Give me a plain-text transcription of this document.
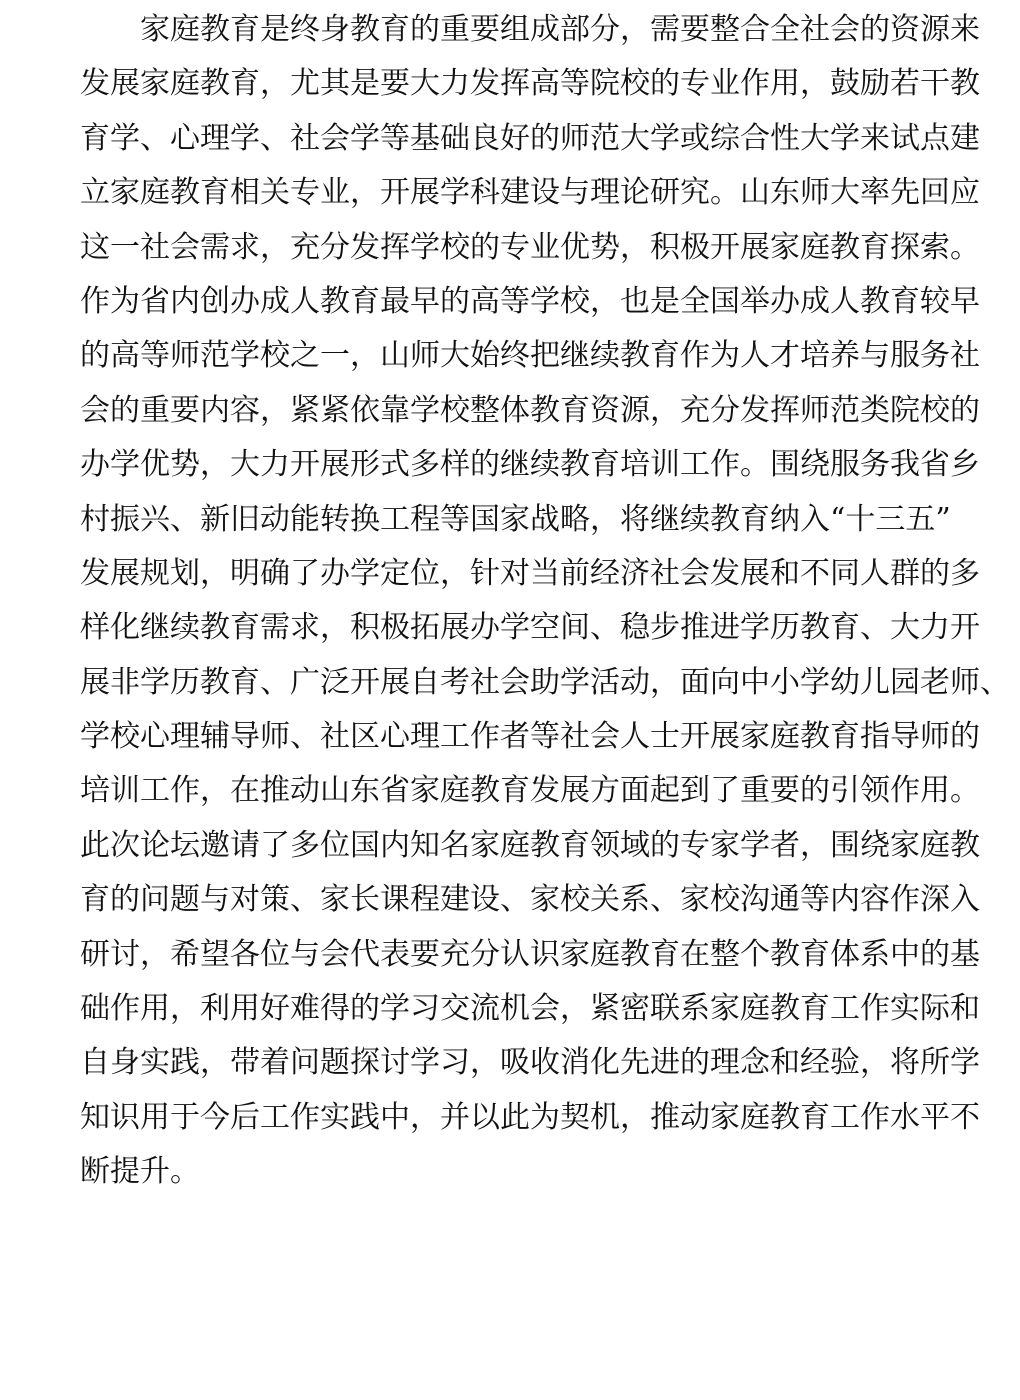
家庭教育是终身教育的重要组成部分，需要整合全社会的资源来
发展家庭教育，尤其是要大力发挥高等院校的专业作用，鼓励若干教
育学、心理学、社会学等基础良好的师范大学或综合性大学来试点建
立家庭教育相关专业，开展学科建设与理论研究。山东师大率先回应
这一社会需求，充分发挥学校的专业优势，积极开展家庭教育探索。
作为省内创办成人教育最早的高等学校，也是全国举办成人教育较早
的高等师范学校之一，山师大始终把继续教育作为人才培养与服务社
会的重要内容，紧紧依靠学校整体教育资源，充分发挥师范类院校的
办学优势，大力开展形式多样的继续教育培训工作。围绕服务我省乡
村振兴、新旧动能转换工程等国家战略，将继续教育纳入“十三五”
发展规划，明确了办学定位，针对当前经济社会发展和不同人群的多
样化继续教育需求，积极拓展办学空间、稳步推进学历教育、大力开
展非学历教育、广泛开展自考社会助学活动，面向中小学幼儿园老师、
学校心理辅导师、社区心理工作者等社会人士开展家庭教育指导师的
培训工作，在推动山东省家庭教育发展方面起到了重要的引领作用。
此次论坛邀请了多位国内知名家庭教育领域的专家学者，围绕家庭教
育的问题与对策、家长课程建设、家校关系、家校沟通等内容作深入
研讨，希望各位与会代表要充分认识家庭教育在整个教育体系中的基
础作用，利用好难得的学习交流机会，紧密联系家庭教育工作实际和
自身实践，带着问题探讨学习，吸收消化先进的理念和经验，将所学
知识用于今后工作实践中，并以此为契机，推动家庭教育工作水平不
断提升。
